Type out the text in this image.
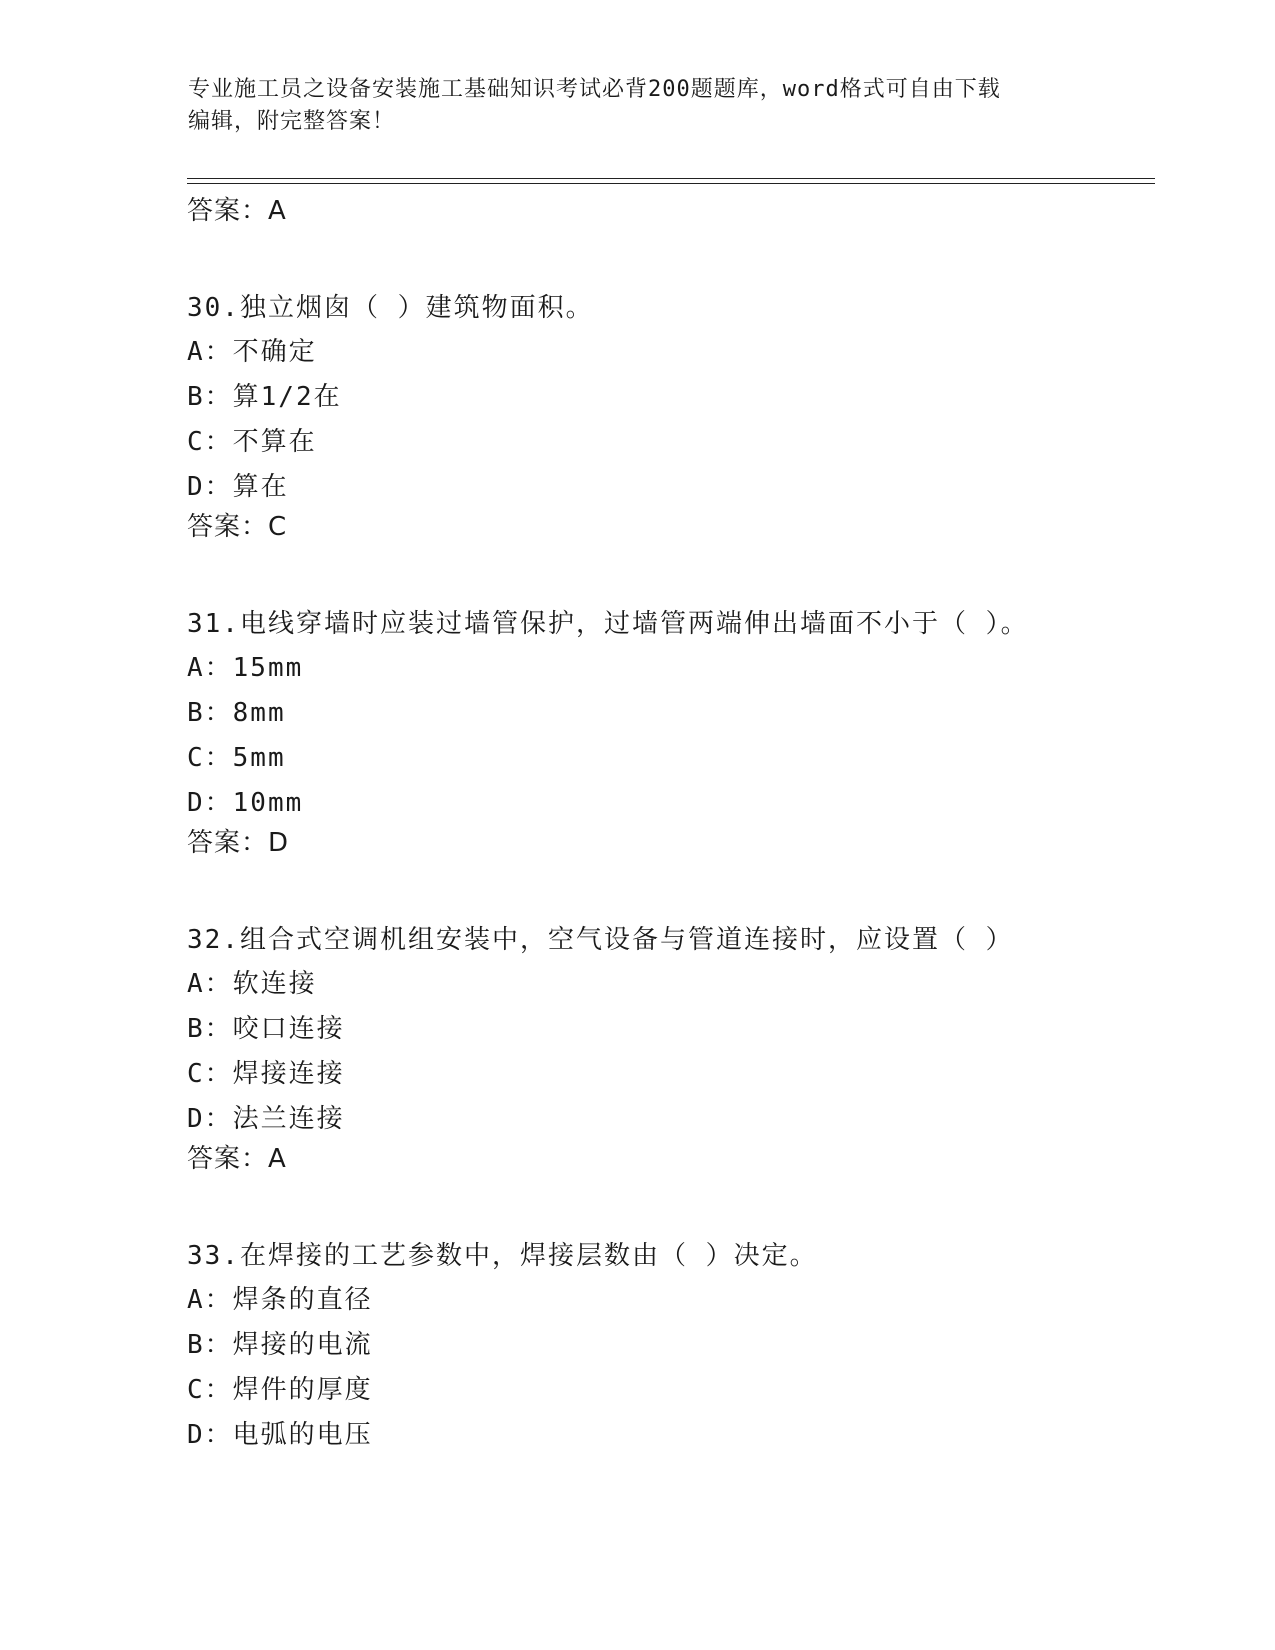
专业施工员之设备安装施工基础知识考试必背200题题库，word格式可自由下载
编辑，附完整答案！
答案：A
30.独立烟囱（ ）建筑物面积。
A：不确定
B：算1/2在
C：不算在
D：算在
答案：C
31.电线穿墙时应装过墙管保护，过墙管两端伸出墙面不小于（ ）。
A：15mm
B：8mm
C：5mm
D：10mm
答案：D
32.组合式空调机组安装中，空气设备与管道连接时，应设置（ ）
A：软连接
B：咬口连接
C：焊接连接
D：法兰连接
答案：A
33.在焊接的工艺参数中，焊接层数由（ ）决定。
A：焊条的直径
B：焊接的电流
C：焊件的厚度
D：电弧的电压
